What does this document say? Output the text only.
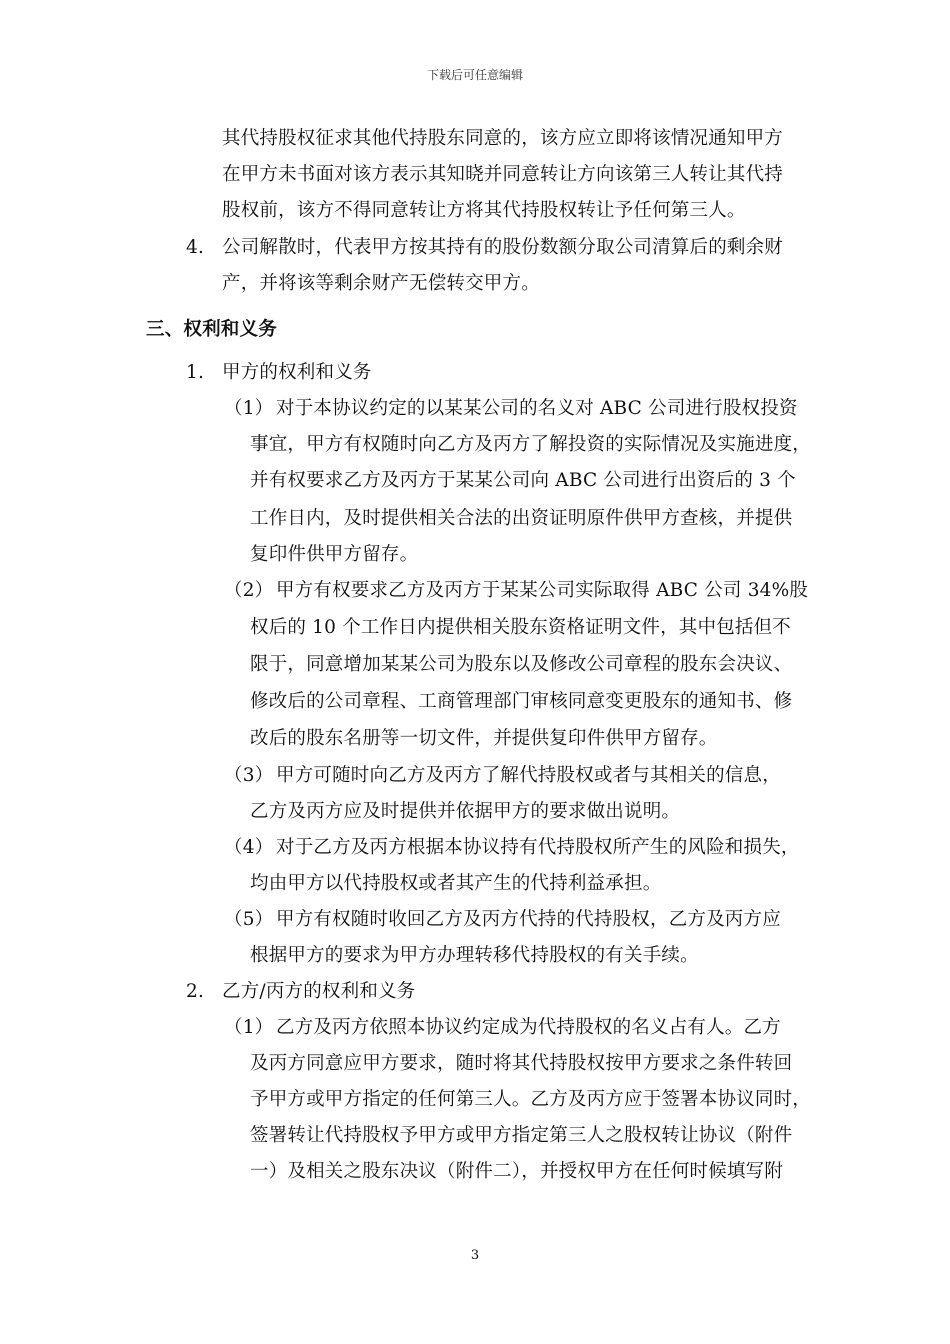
下载后可任意编辑
其代持股权征求其他代持股东同意的，该方应立即将该情况通知甲方
在甲方未书面对该方表示其知晓并同意转让方向该第三人转让其代持
股权前，该方不得同意转让方将其代持股权转让予任何第三人。
4. 公司解散时，代表甲方按其持有的股份数额分取公司清算后的剩余财
产，并将该等剩余财产无偿转交甲方。
三、权利和义务
1. 甲方的权利和义务
（1） 对于本协议约定的以某某公司的名义对 ABC 公司进行股权投资
事宜，甲方有权随时向乙方及丙方了解投资的实际情况及实施进度，
并有权要求乙方及丙方于某某公司向 ABC 公司进行出资后的 3 个
工作日内，及时提供相关合法的出资证明原件供甲方查核，并提供
复印件供甲方留存。
（2） 甲方有权要求乙方及丙方于某某公司实际取得 ABC 公司 34%股
权后的 10 个工作日内提供相关股东资格证明文件，其中包括但不
限于，同意增加某某公司为股东以及修改公司章程的股东会决议、
修改后的公司章程、工商管理部门审核同意变更股东的通知书、修
改后的股东名册等一切文件，并提供复印件供甲方留存。
（3） 甲方可随时向乙方及丙方了解代持股权或者与其相关的信息，
乙方及丙方应及时提供并依据甲方的要求做出说明。
（4） 对于乙方及丙方根据本协议持有代持股权所产生的风险和损失，
均由甲方以代持股权或者其产生的代持利益承担。
（5） 甲方有权随时收回乙方及丙方代持的代持股权，乙方及丙方应
根据甲方的要求为甲方办理转移代持股权的有关手续。
2. 乙方/丙方的权利和义务
（1） 乙方及丙方依照本协议约定成为代持股权的名义占有人。乙方
及丙方同意应甲方要求，随时将其代持股权按甲方要求之条件转回
予甲方或甲方指定的任何第三人。乙方及丙方应于签署本协议同时，
签署转让代持股权予甲方或甲方指定第三人之股权转让协议（附件
一）及相关之股东决议（附件二），并授权甲方在任何时候填写附
3
